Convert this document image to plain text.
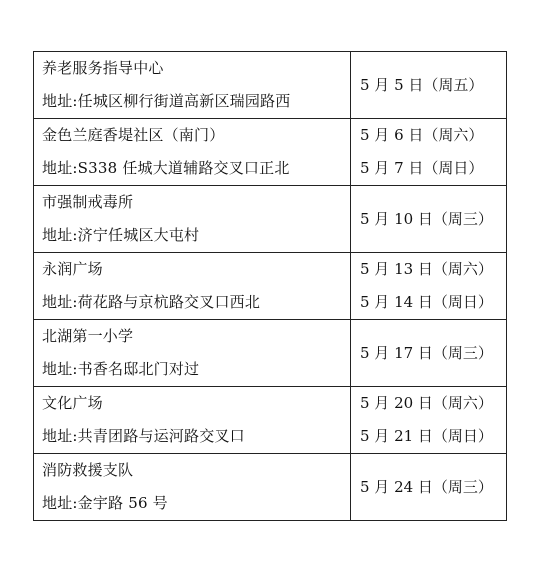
养老服务指导中心
地址:任城区柳行街道高新区瑞园路西	5 月 5 日（周五）

金色兰庭香堤社区（南门）
地址:S338 任城大道辅路交叉口正北	5 月 6 日（周六）
5 月 7 日（周日）

市强制戒毒所
地址:济宁任城区大屯村	5 月 10 日（周三）

永润广场
地址:荷花路与京杭路交叉口西北	5 月 13 日（周六）
5 月 14 日（周日）

北湖第一小学
地址:书香名邸北门对过	5 月 17 日（周三）

文化广场
地址:共青团路与运河路交叉口	5 月 20 日（周六）
5 月 21 日（周日）

消防救援支队
地址:金宇路 56 号	5 月 24 日（周三）
